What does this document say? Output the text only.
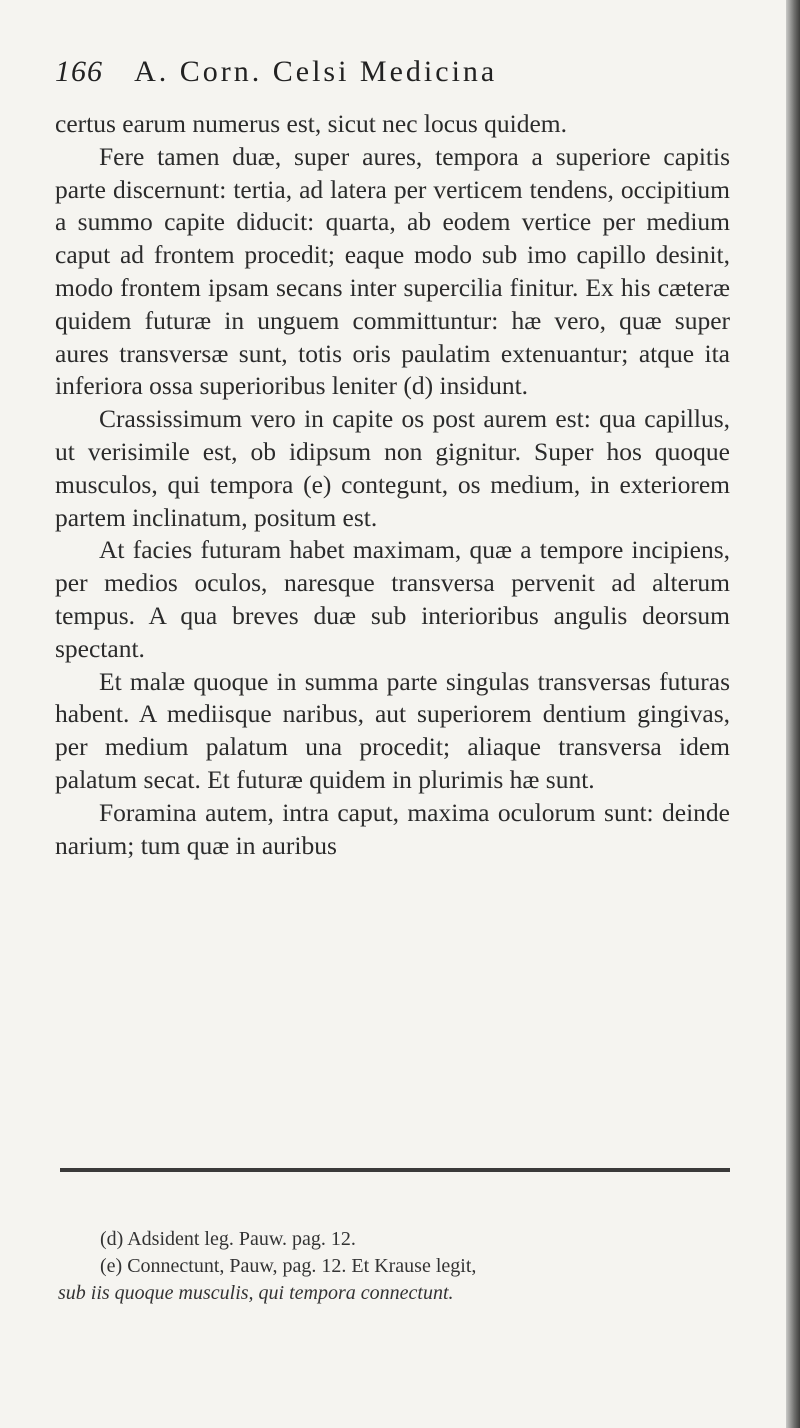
166 A. Corn. Celsi Medicina

certus earum numerus est, sicut nec locus quidem.

Fere tamen duæ, super aures, tempora a superiore capitis parte discernunt: tertia, ad latera per verticem tendens, occipitium a summo capite diducit: quarta, ab eodem vertice per medium caput ad frontem procedit; eaque modo sub imo capillo desinit, modo frontem ipsam secans inter supercilia finitur. Ex his cæteræ quidem futuræ in unguem committuntur: hæ vero, quæ super aures transversæ sunt, totis oris paulatim extenuantur; atque ita inferiora ossa superioribus leniter (d) insidunt.

Crassissimum vero in capite os post aurem est: qua capillus, ut verisimile est, ob idipsum non gignitur. Super hos quoque musculos, qui tempora (e) contegunt, os medium, in exteriorem partem inclinatum, positum est.

At facies futuram habet maximam, quæ a tempore incipiens, per medios oculos, naresque transversa pervenit ad alterum tempus. A qua breves duæ sub interioribus angulis deorsum spectant.

Et malæ quoque in summa parte singulas transversas futuras habent. A mediisque naribus, aut superiorem dentium gingivas, per medium palatum una procedit; aliaque transversa idem palatum secat. Et futuræ quidem in plurimis hæ sunt.

Foramina autem, intra caput, maxima oculorum sunt: deinde narium; tum quæ in auribus

(d) Adsident leg. Pauw. pag. 12.

(e) Connectunt, Pauw, pag. 12. Et Krause legit,

sub iis quoque musculis, qui tempora connectunt.
